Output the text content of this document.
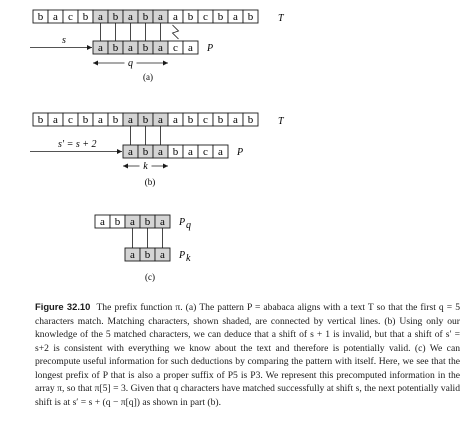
b a c b a b a b a a b c b a b T
a b a b a c a P
s
q
(a)
b a c b a b a b a a b c b a b T
a b a b a c a P
s′ = s + 2
k
(b)
a b a b a
a b a
P q
P k
(c)
Figure 32.10 The prefix function π. (a) The pattern P = ababaca aligns with a text T so that the first q = 5 characters match. Matching characters, shown shaded, are connected by vertical lines. (b) Using only our knowledge of the 5 matched characters, we can deduce that a shift of s + 1 is invalid, but that a shift of s′ = s+2 is consistent with everything we know about the text and therefore is potentially valid. (c) We can precompute useful information for such deductions by comparing the pattern with itself. Here, we see that the longest prefix of P that is also a proper suffix of P5 is P3. We represent this precomputed information in the array π, so that π[5] = 3. Given that q characters have matched successfully at shift s, the next potentially valid shift is at s′ = s + (q − π[q]) as shown in part (b).
